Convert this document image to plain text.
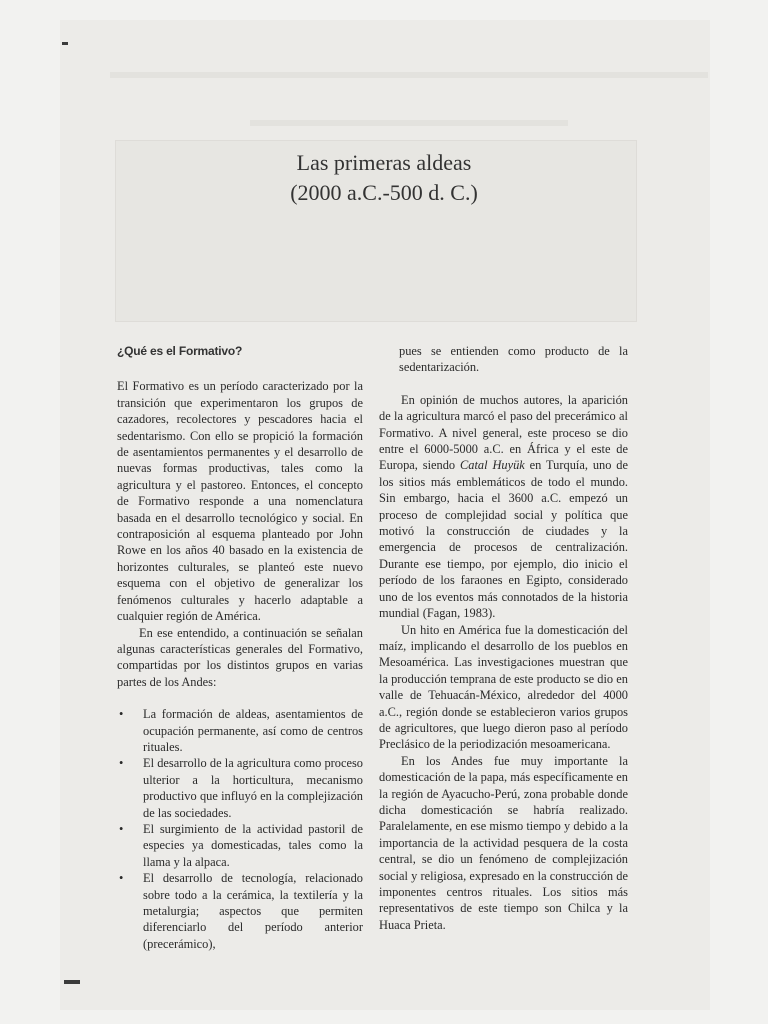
Las primeras aldeas
(2000 a.C.-500 d. C.)
¿Qué es el Formativo?

El Formativo es un período caracterizado por la transición que experimentaron los grupos de cazadores, recolectores y pescadores hacia el sedentarismo. Con ello se propició la formación de asentamientos permanentes y el desarrollo de nuevas formas productivas, tales como la agricultura y el pastoreo. Entonces, el concepto de Formativo responde a una nomenclatura basada en el desarrollo tecnológico y social. En contraposición al esquema planteado por John Rowe en los años 40 basado en la existencia de horizontes culturales, se planteó este nuevo esquema con el objetivo de generalizar los fenómenos culturales y hacerlo adaptable a cualquier región de América.

En ese entendido, a continuación se señalan algunas características generales del Formativo, compartidas por los distintos grupos en varias partes de los Andes:

• La formación de aldeas, asentamientos de ocupación permanente, así como de centros rituales.
• El desarrollo de la agricultura como proceso ulterior a la horticultura, mecanismo productivo que influyó en la complejización de las sociedades.
• El surgimiento de la actividad pastoril de especies ya domesticadas, tales como la llama y la alpaca.
• El desarrollo de tecnología, relacionado sobre todo a la cerámica, la textilería y la metalurgia; aspectos que permiten diferenciarlo del período anterior (precerámico),

pues se entienden como producto de la sedentarización.

En opinión de muchos autores, la aparición de la agricultura marcó el paso del precerámico al Formativo. A nivel general, este proceso se dio entre el 6000-5000 a.C. en África y el este de Europa, siendo Catal Huyük en Turquía, uno de los sitios más emblemáticos de todo el mundo. Sin embargo, hacia el 3600 a.C. empezó un proceso de complejidad social y política que motivó la construcción de ciudades y la emergencia de procesos de centralización. Durante ese tiempo, por ejemplo, dio inicio el período de los faraones en Egipto, considerado uno de los eventos más connotados de la historia mundial (Fagan, 1983).

Un hito en América fue la domesticación del maíz, implicando el desarrollo de los pueblos en Mesoamérica. Las investigaciones muestran que la producción temprana de este producto se dio en valle de Tehuacán-México, alrededor del 4000 a.C., región donde se establecieron varios grupos de agricultores, que luego dieron paso al período Preclásico de la periodización mesoamericana.

En los Andes fue muy importante la domesticación de la papa, más específicamente en la región de Ayacucho-Perú, zona probable donde dicha domesticación se habría realizado. Paralelamente, en ese mismo tiempo y debido a la importancia de la actividad pesquera de la costa central, se dio un fenómeno de complejización social y religiosa, expresado en la construcción de imponentes centros rituales. Los sitios más representativos de este tiempo son Chilca y la Huaca Prieta.
